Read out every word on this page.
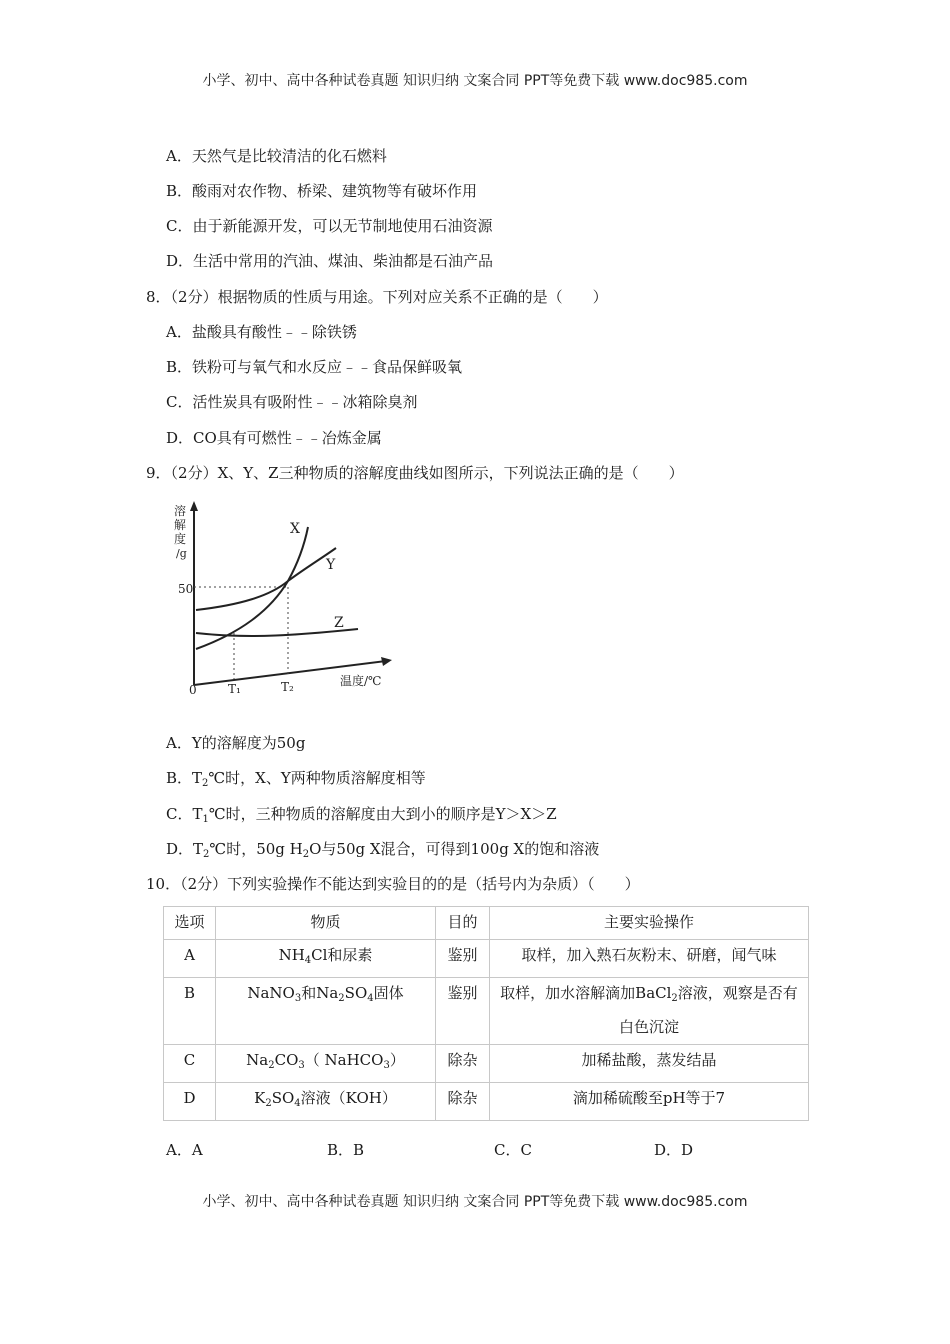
小学、初中、高中各种试卷真题 知识归纳 文案合同 PPT等免费下载 www.doc985.com
A．天然气是比较清洁的化石燃料
B．酸雨对农作物、桥梁、建筑物等有破坏作用
C．由于新能源开发，可以无节制地使用石油资源
D．生活中常用的汽油、煤油、柴油都是石油产品
8．（2分）根据物质的性质与用途。下列对应关系不正确的是（　　）
A．盐酸具有酸性﹣﹣除铁锈
B．铁粉可与氧气和水反应﹣﹣食品保鲜吸氧
C．活性炭具有吸附性﹣﹣冰箱除臭剂
D．CO具有可燃性﹣﹣冶炼金属
9．（2分）X、Y、Z三种物质的溶解度曲线如图所示，下列说法正确的是（　　）
溶
解
度
/g
X
Y
Z
50
0	T₁	T₂	温度/℃
A．Y的溶解度为50g
B．$T_2℃$时，X、Y两种物质溶解度相等
C．$T_1℃$时，三种物质的溶解度由大到小的顺序是Y＞X＞Z
D．$T_2℃$时，50g $H_2O$与50g X混合，可得到100g X的饱和溶液
10．（2分）下列实验操作不能达到实验目的的是（括号内为杂质）（　　）
选项	物质	目的	主要实验操作
A	$NH_4Cl$和尿素	鉴别	取样，加入熟石灰粉末、研磨，闻气味
B	NaNO$_3$和$Na_2SO_4$固体	鉴别	取样，加水溶解滴加BaCl$_2$溶液，观察是否有
白色沉淀

C	$Na_2CO_3$（ NaHCO$_3$）	除杂	加稀盐酸，蒸发结晶
D	$K_2SO_4$溶液（KOH）	除杂	滴加稀硫酸至pH等于7
A．A	B．B	C．C	D．D
小学、初中、高中各种试卷真题 知识归纳 文案合同 PPT等免费下载 www.doc985.com
